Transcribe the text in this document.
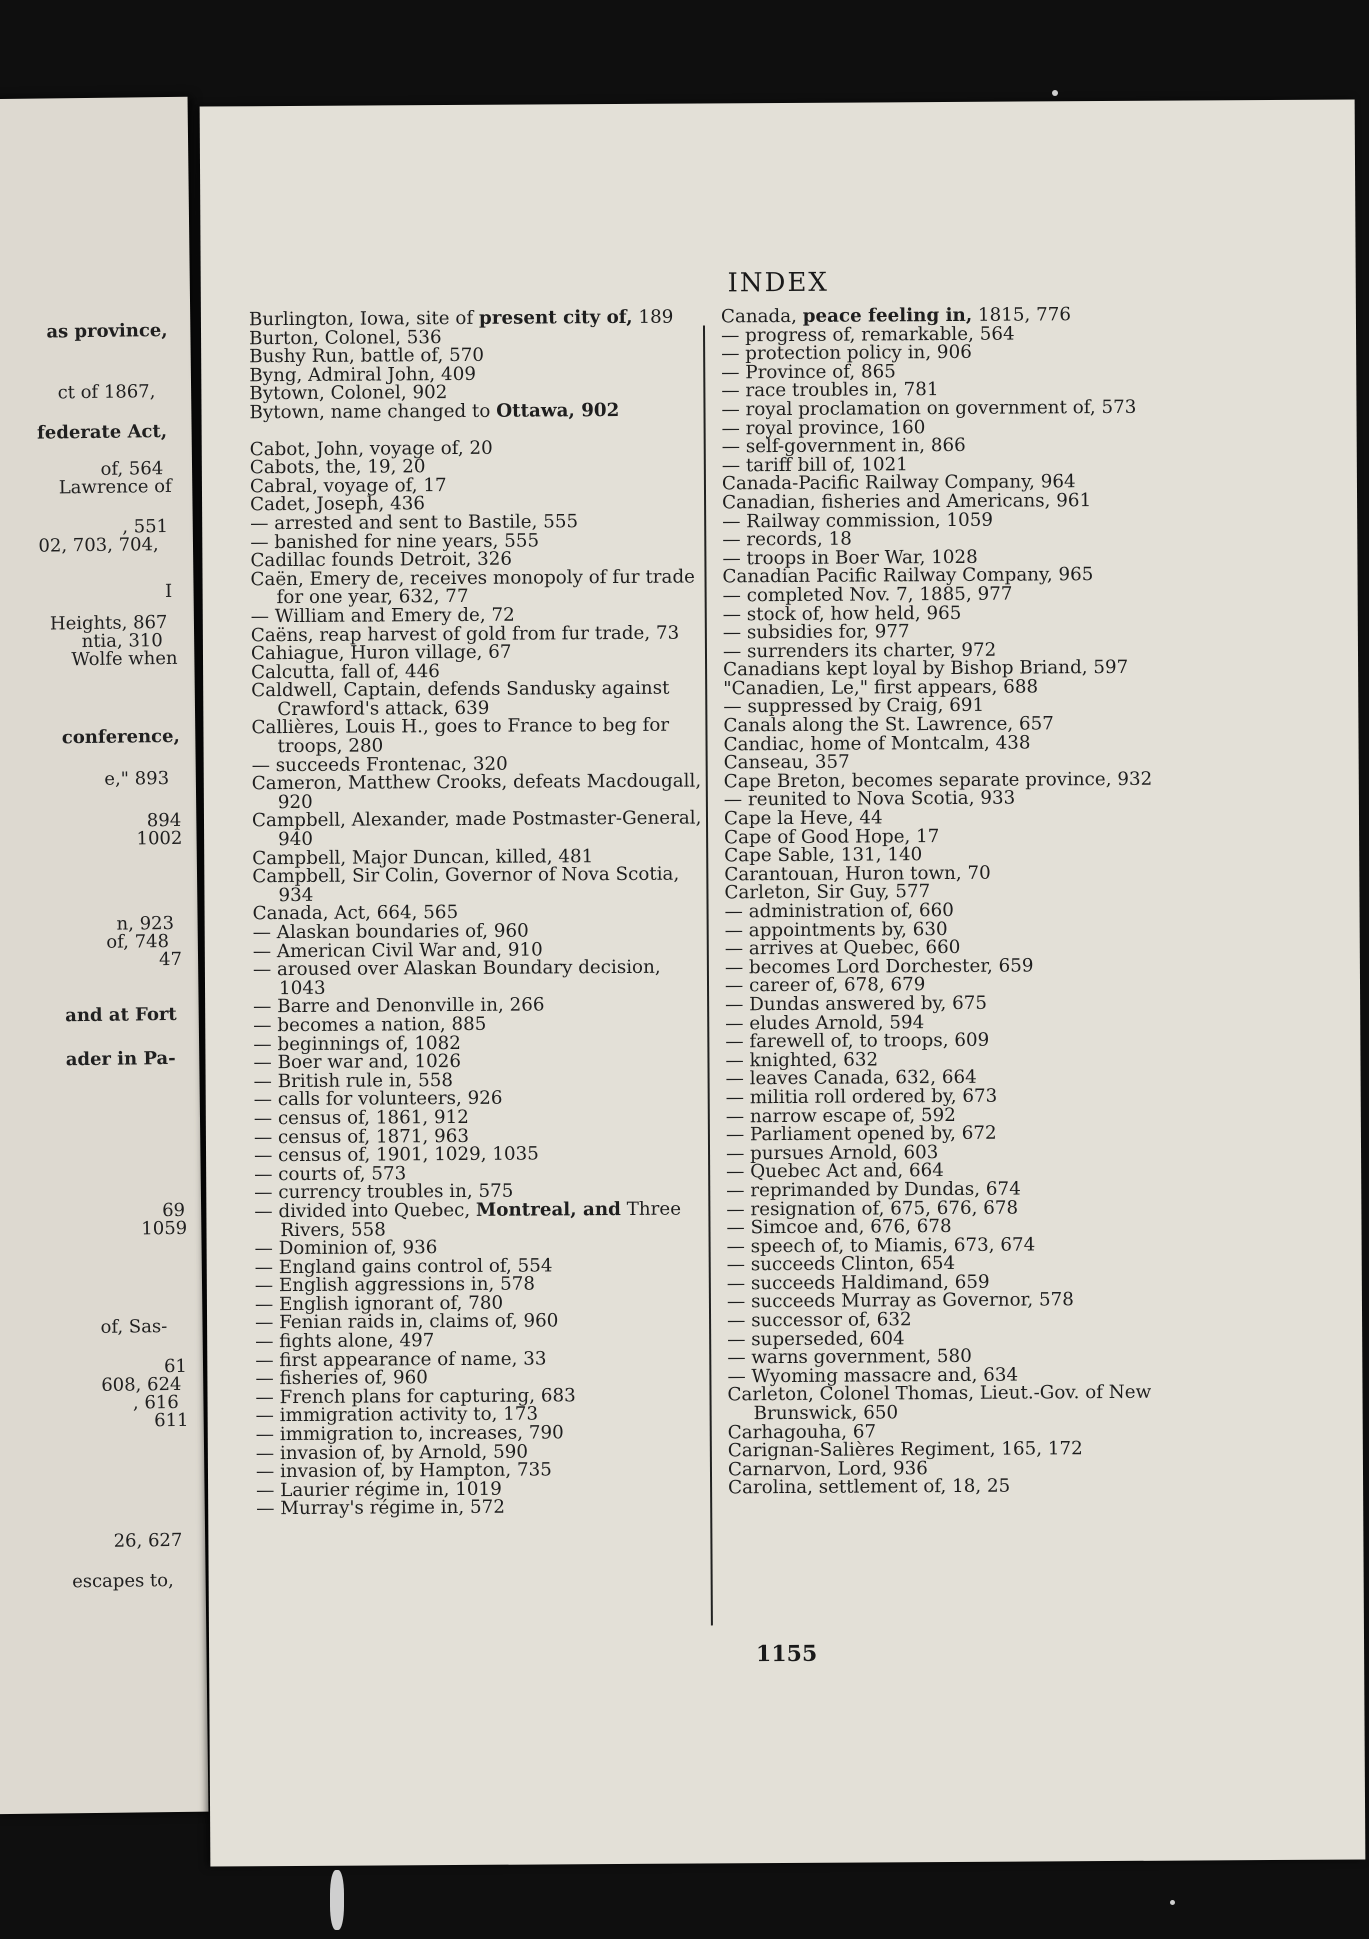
as province,
ct of 1867,
federate Act,
of, 564
Lawrence of
, 551
02, 703, 704,
I
Heights, 867
ntia, 310
Wolfe when
conference,
e," 893
894
1002
n, 923
of, 748
47
and at Fort
ader in Pa-
69
1059
of, Sas-
61
608, 624
, 616
611
26, 627
escapes to,
INDEX
Burlington, Iowa, site of present city of, 189
Burton, Colonel, 536
Bushy Run, battle of, 570
Byng, Admiral John, 409
Bytown, Colonel, 902
Bytown, name changed to Ottawa, 902
Cabot, John, voyage of, 20
Cabots, the, 19, 20
Cabral, voyage of, 17
Cadet, Joseph, 436
— arrested and sent to Bastile, 555
— banished for nine years, 555
Cadillac founds Detroit, 326
Caën, Emery de, receives monopoly of fur trade for one year, 632, 77
— William and Emery de, 72
Caëns, reap harvest of gold from fur trade, 73
Cahiague, Huron village, 67
Calcutta, fall of, 446
Caldwell, Captain, defends Sandusky against Crawford's attack, 639
Callières, Louis H., goes to France to beg for troops, 280
— succeeds Frontenac, 320
Cameron, Matthew Crooks, defeats Macdougall, 920
Campbell, Alexander, made Postmaster-General, 940
Campbell, Major Duncan, killed, 481
Campbell, Sir Colin, Governor of Nova Scotia, 934
Canada, Act, 664, 565
— Alaskan boundaries of, 960
— American Civil War and, 910
— aroused over Alaskan Boundary decision, 1043
— Barre and Denonville in, 266
— becomes a nation, 885
— beginnings of, 1082
— Boer war and, 1026
— British rule in, 558
— calls for volunteers, 926
— census of, 1861, 912
— census of, 1871, 963
— census of, 1901, 1029, 1035
— courts of, 573
— currency troubles in, 575
— divided into Quebec, Montreal, and Three Rivers, 558
— Dominion of, 936
— England gains control of, 554
— English aggressions in, 578
— English ignorant of, 780
— Fenian raids in, claims of, 960
— fights alone, 497
— first appearance of name, 33
— fisheries of, 960
— French plans for capturing, 683
— immigration activity to, 173
— immigration to, increases, 790
— invasion of, by Arnold, 590
— invasion of, by Hampton, 735
— Laurier régime in, 1019
— Murray's régime in, 572
Canada, peace feeling in, 1815, 776
— progress of, remarkable, 564
— protection policy in, 906
— Province of, 865
— race troubles in, 781
— royal proclamation on government of, 573
— royal province, 160
— self-government in, 866
— tariff bill of, 1021
Canada-Pacific Railway Company, 964
Canadian, fisheries and Americans, 961
— Railway commission, 1059
— records, 18
— troops in Boer War, 1028
Canadian Pacific Railway Company, 965
— completed Nov. 7, 1885, 977
— stock of, how held, 965
— subsidies for, 977
— surrenders its charter, 972
Canadians kept loyal by Bishop Briand, 597
"Canadien, Le," first appears, 688
— suppressed by Craig, 691
Canals along the St. Lawrence, 657
Candiac, home of Montcalm, 438
Canseau, 357
Cape Breton, becomes separate province, 932
— reunited to Nova Scotia, 933
Cape la Heve, 44
Cape of Good Hope, 17
Cape Sable, 131, 140
Carantouan, Huron town, 70
Carleton, Sir Guy, 577
— administration of, 660
— appointments by, 630
— arrives at Quebec, 660
— becomes Lord Dorchester, 659
— career of, 678, 679
— Dundas answered by, 675
— eludes Arnold, 594
— farewell of, to troops, 609
— knighted, 632
— leaves Canada, 632, 664
— militia roll ordered by, 673
— narrow escape of, 592
— Parliament opened by, 672
— pursues Arnold, 603
— Quebec Act and, 664
— reprimanded by Dundas, 674
— resignation of, 675, 676, 678
— Simcoe and, 676, 678
— speech of, to Miamis, 673, 674
— succeeds Clinton, 654
— succeeds Haldimand, 659
— succeeds Murray as Governor, 578
— successor of, 632
— superseded, 604
— warns government, 580
— Wyoming massacre and, 634
Carleton, Colonel Thomas, Lieut.-Gov. of New Brunswick, 650
Carhagouha, 67
Carignan-Salières Regiment, 165, 172
Carnarvon, Lord, 936
Carolina, settlement of, 18, 25
1155
